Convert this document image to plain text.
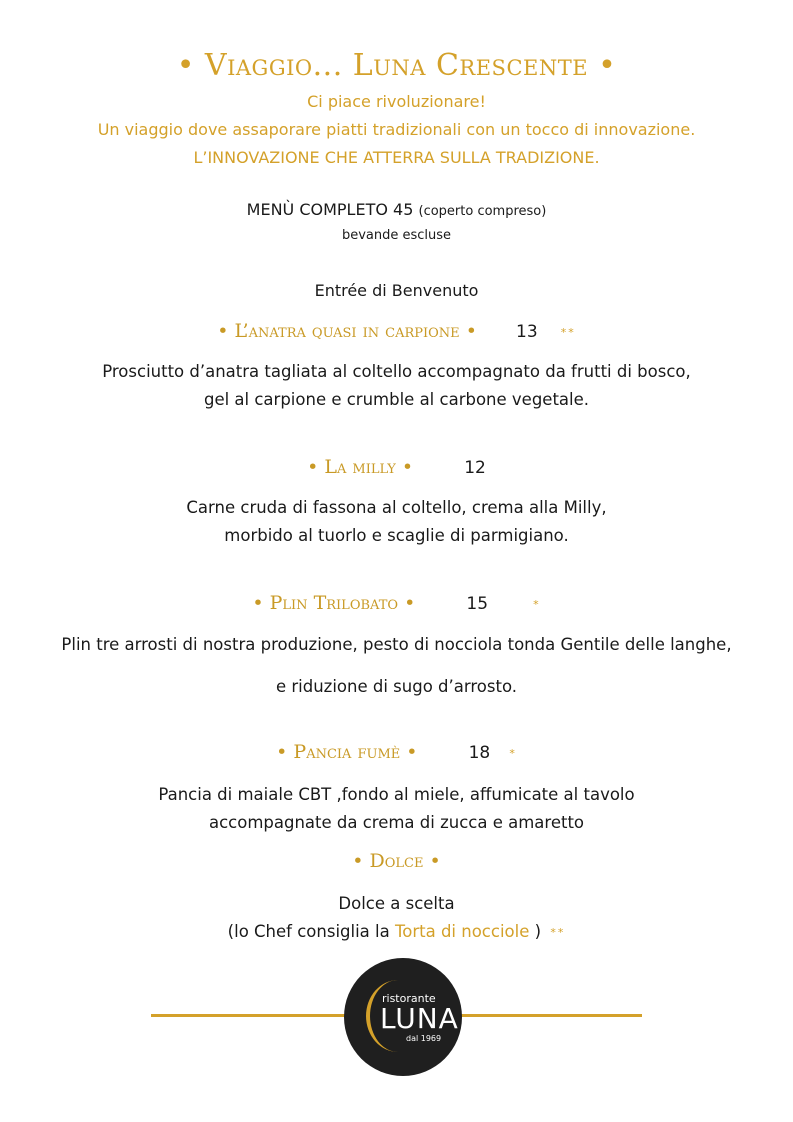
• Viaggio... Luna Crescente •
Ci piace rivoluzionare!
Un viaggio dove assaporare piatti tradizionali con un tocco di innovazione.
L’INNOVAZIONE CHE ATTERRA SULLA TRADIZIONE.
MENÙ COMPLETO 45 (coperto compreso)
bevande escluse
Entrée di Benvenuto
• L’anatra quasi in carpione • 13 **
Prosciutto d’anatra tagliata al coltello accompagnato da frutti di bosco,
gel al carpione e crumble al carbone vegetale.
• La milly •	12
Carne cruda di fassona al coltello, crema alla Milly,
morbido al tuorlo e scaglie di parmigiano.
• Plin Trilobato •	15	*
Plin tre arrosti di nostra produzione, pesto di nocciola tonda Gentile delle langhe,
e riduzione di sugo d’arrosto.
• Pancia fumè •	18 *
Pancia di maiale CBT ,fondo al miele, affumicate al tavolo
accompagnate da crema di zucca e amaretto
• Dolce •
Dolce a scelta
(lo Chef consiglia la Torta di nocciole ) **
ristorante
LUNA
dal 1969
